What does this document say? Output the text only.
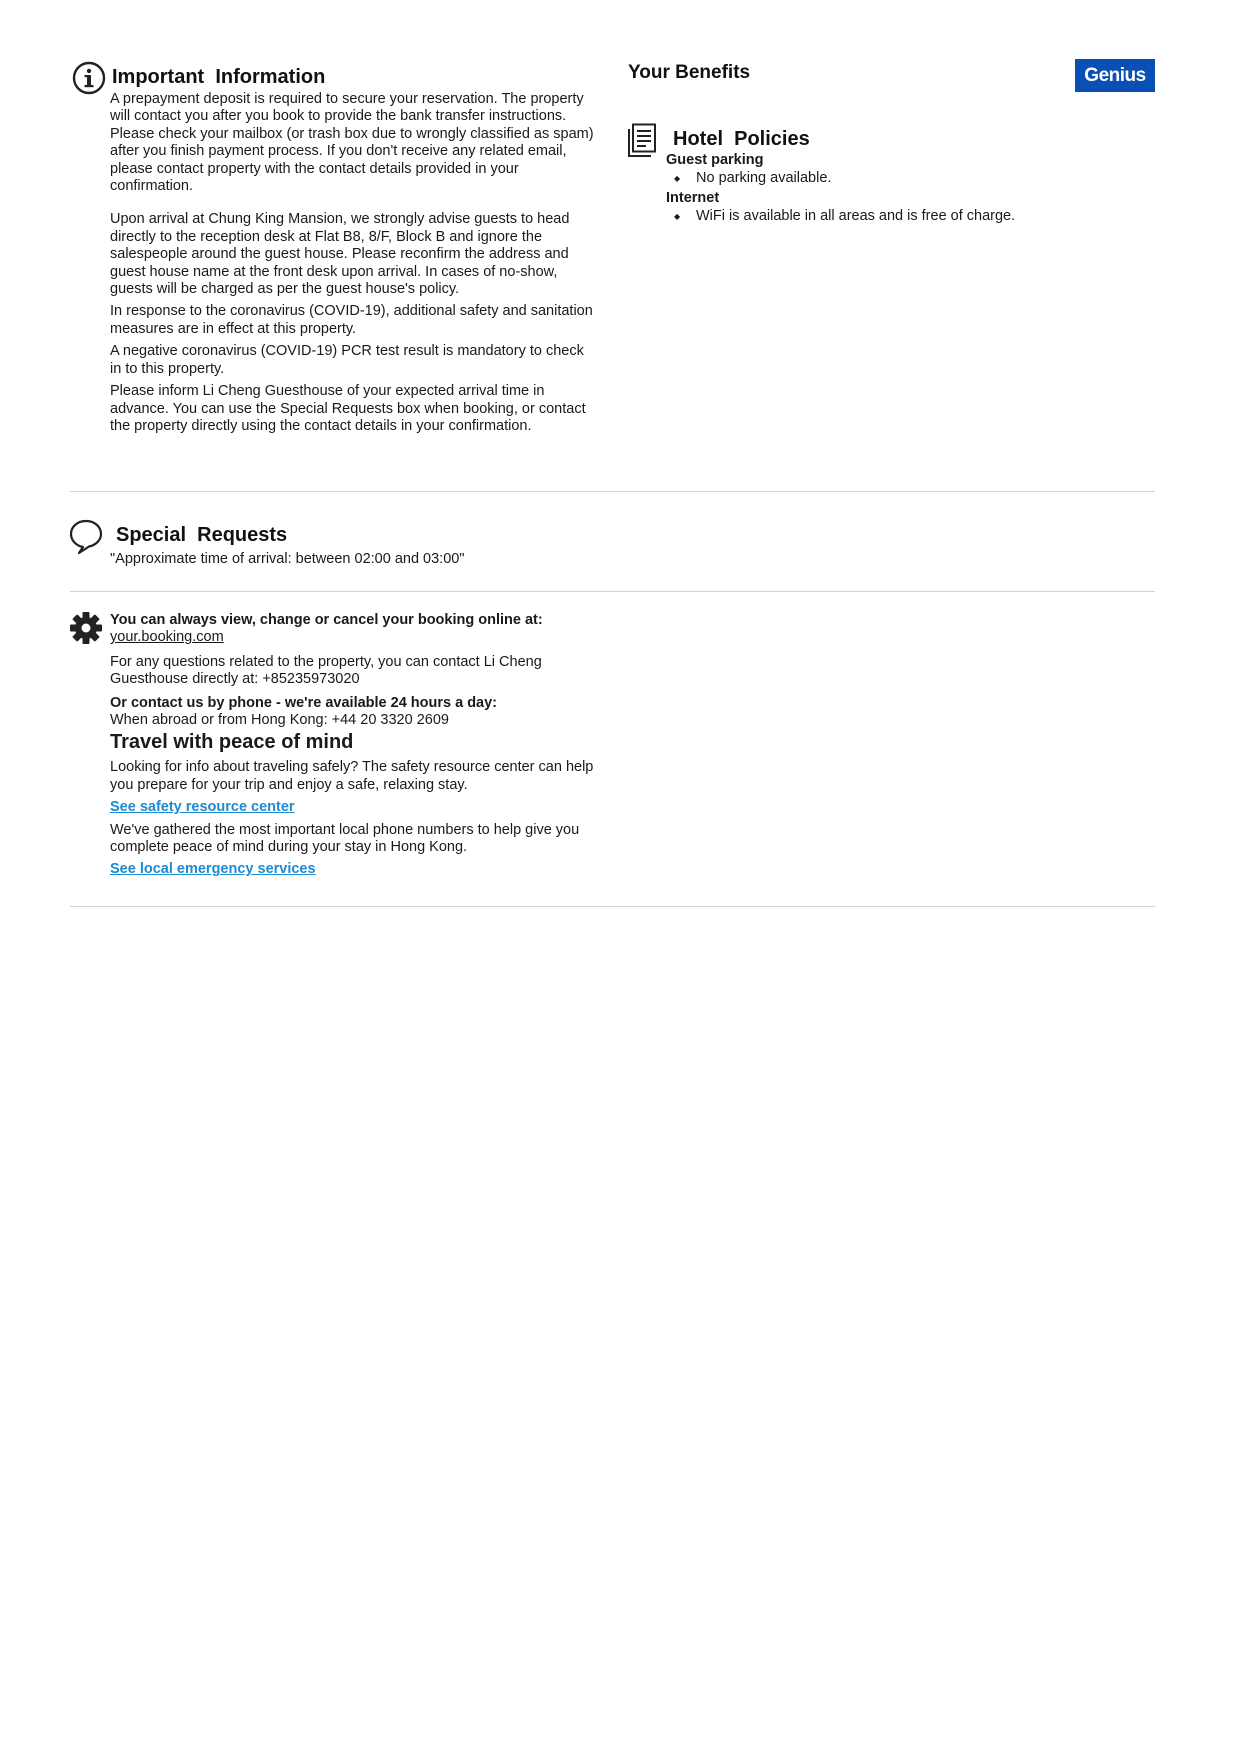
Important  Information

A prepayment deposit is required to secure your reservation. The property will contact you after you book to provide the bank transfer instructions. Please check your mailbox (or trash box due to wrongly classified as spam) after you finish payment process. If you don't receive any related email, please contact property with the contact details provided in your confirmation.

Upon arrival at Chung King Mansion, we strongly advise guests to head directly to the reception desk at Flat B8, 8/F, Block B and ignore the salespeople around the guest house. Please reconfirm the address and guest house name at the front desk upon arrival. In cases of no-show, guests will be charged as per the guest house's policy.

In response to the coronavirus (COVID-19), additional safety and sanitation measures are in effect at this property.

A negative coronavirus (COVID-19) PCR test result is mandatory to check in to this property.

Please inform Li Cheng Guesthouse of your expected arrival time in advance. You can use the Special Requests box when booking, or contact the property directly using the contact details in your confirmation.

Your Benefits	Genius
Hotel  Policies
Guest parking
◆ No parking available.
Internet
◆ WiFi is available in all areas and is free of charge.
Special  Requests

"Approximate time of arrival: between 02:00 and 03:00"

You can always view, change or cancel your booking online at:

your.booking.com

For any questions related to the property, you can contact Li Cheng Guesthouse directly at: +85235973020

Or contact us by phone - we're available 24 hours a day:

When abroad or from Hong Kong: +44 20 3320 2609

Travel with peace of mind

Looking for info about traveling safely? The safety resource center can help you prepare for your trip and enjoy a safe, relaxing stay.

See safety resource center

We've gathered the most important local phone numbers to help give you complete peace of mind during your stay in Hong Kong.

See local emergency services
